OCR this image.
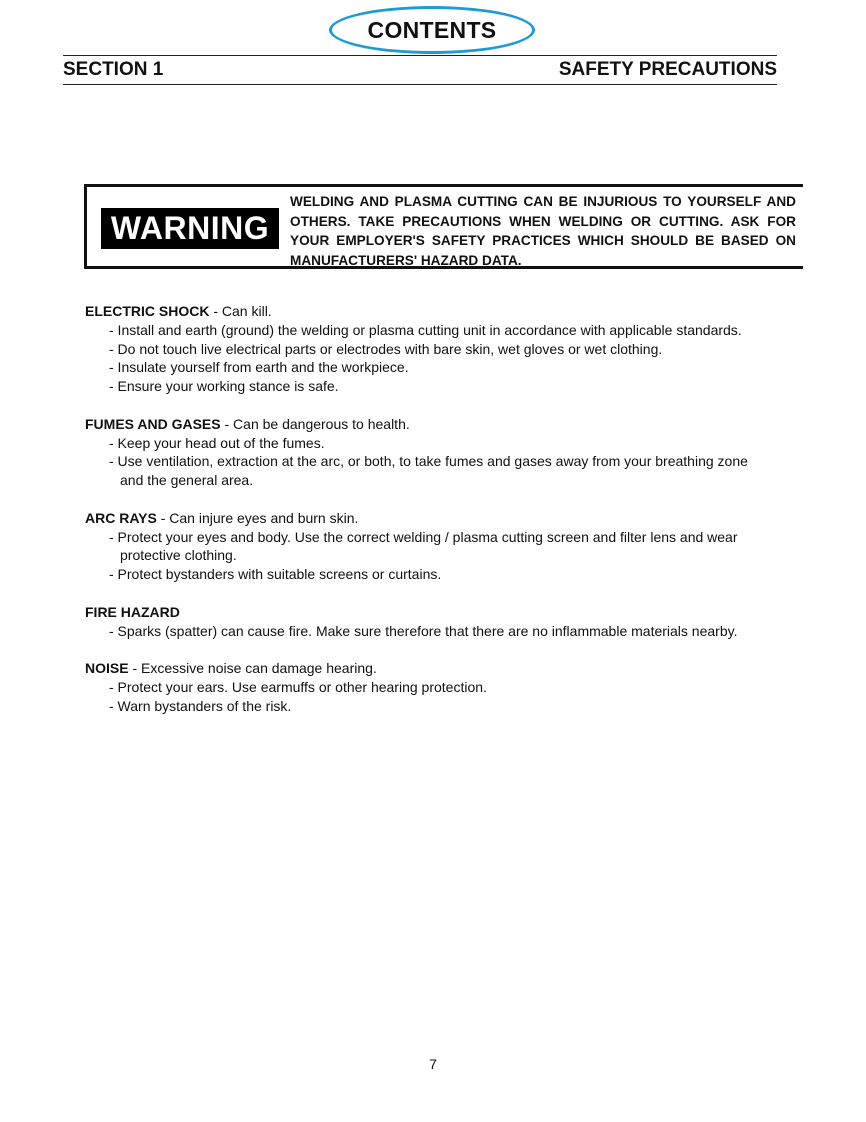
CONTENTS
SECTION 1	SAFETY PRECAUTIONS
WARNING
WELDING AND PLASMA CUTTING CAN BE INJURIOUS TO YOURSELF AND
OTHERS. TAKE PRECAUTIONS WHEN WELDING OR CUTTING. ASK FOR
YOUR EMPLOYER'S SAFETY PRACTICES WHICH SHOULD BE BASED ON
MANUFACTURERS' HAZARD DATA.
ELECTRIC SHOCK - Can kill.
- Install and earth (ground) the welding or plasma cutting unit in accordance with applicable standards.
- Do not touch live electrical parts or electrodes with bare skin, wet gloves or wet clothing.
- Insulate yourself from earth and the workpiece.
- Ensure your working stance is safe.
FUMES AND GASES - Can be dangerous to health.
- Keep your head out of the fumes.
- Use ventilation, extraction at the arc, or both, to take fumes and gases away from your breathing zone
and the general area.
ARC RAYS - Can injure eyes and burn skin.
- Protect your eyes and body. Use the correct welding / plasma cutting screen and filter lens and wear
protective clothing.
- Protect bystanders with suitable screens or curtains.
FIRE HAZARD
- Sparks (spatter) can cause fire. Make sure therefore that there are no inflammable materials nearby.
NOISE - Excessive noise can damage hearing.
- Protect your ears. Use earmuffs or other hearing protection.
- Warn bystanders of the risk.
7
